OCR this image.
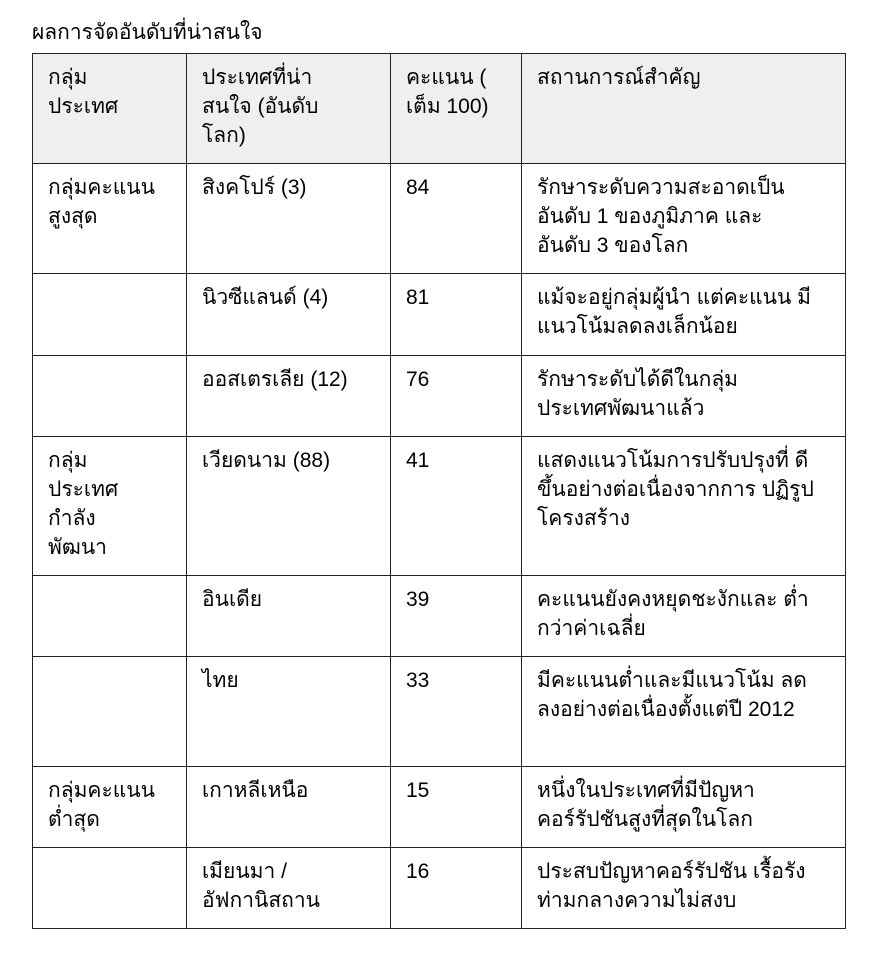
ผลการจัดอันดับที่น่าสนใจ
กลุ่ม ประเทศ	ประเทศที่น่า สนใจ (อันดับ โลก)	คะแนน ( เต็ม 100)	สถานการณ์สำคัญ

กลุ่มคะแนน สูงสุด	สิงคโปร์ (3)	84	รักษาระดับความสะอาดเป็น อันดับ 1 ของภูมิภาค และ อันดับ 3 ของโลก

	นิวซีแลนด์ (4)	81	แม้จะอยู่กลุ่มผู้นำ แต่คะแนน มีแนวโน้มลดลงเล็กน้อย

	ออสเตรเลีย (12)	76	รักษาระดับได้ดีในกลุ่ม ประเทศพัฒนาแล้ว

กลุ่ม ประเทศ กำลัง พัฒนา	เวียดนาม (88)	41	แสดงแนวโน้มการปรับปรุงที่ ดีขึ้นอย่างต่อเนื่องจากการ ปฏิรูปโครงสร้าง

	อินเดีย	39	คะแนนยังคงหยุดชะงักและ ต่ำกว่าค่าเฉลี่ย

	ไทย	33	มีคะแนนต่ำและมีแนวโน้ม ลดลงอย่างต่อเนื่องตั้งแต่ปี 2012

กลุ่มคะแนน ต่ำสุด	เกาหลีเหนือ	15	หนึ่งในประเทศที่มีปัญหา คอร์รัปชันสูงที่สุดในโลก

	เมียนมา / อัฟกานิสถาน	16	ประสบปัญหาคอร์รัปชัน เรื้อรังท่ามกลางความไม่สงบ
